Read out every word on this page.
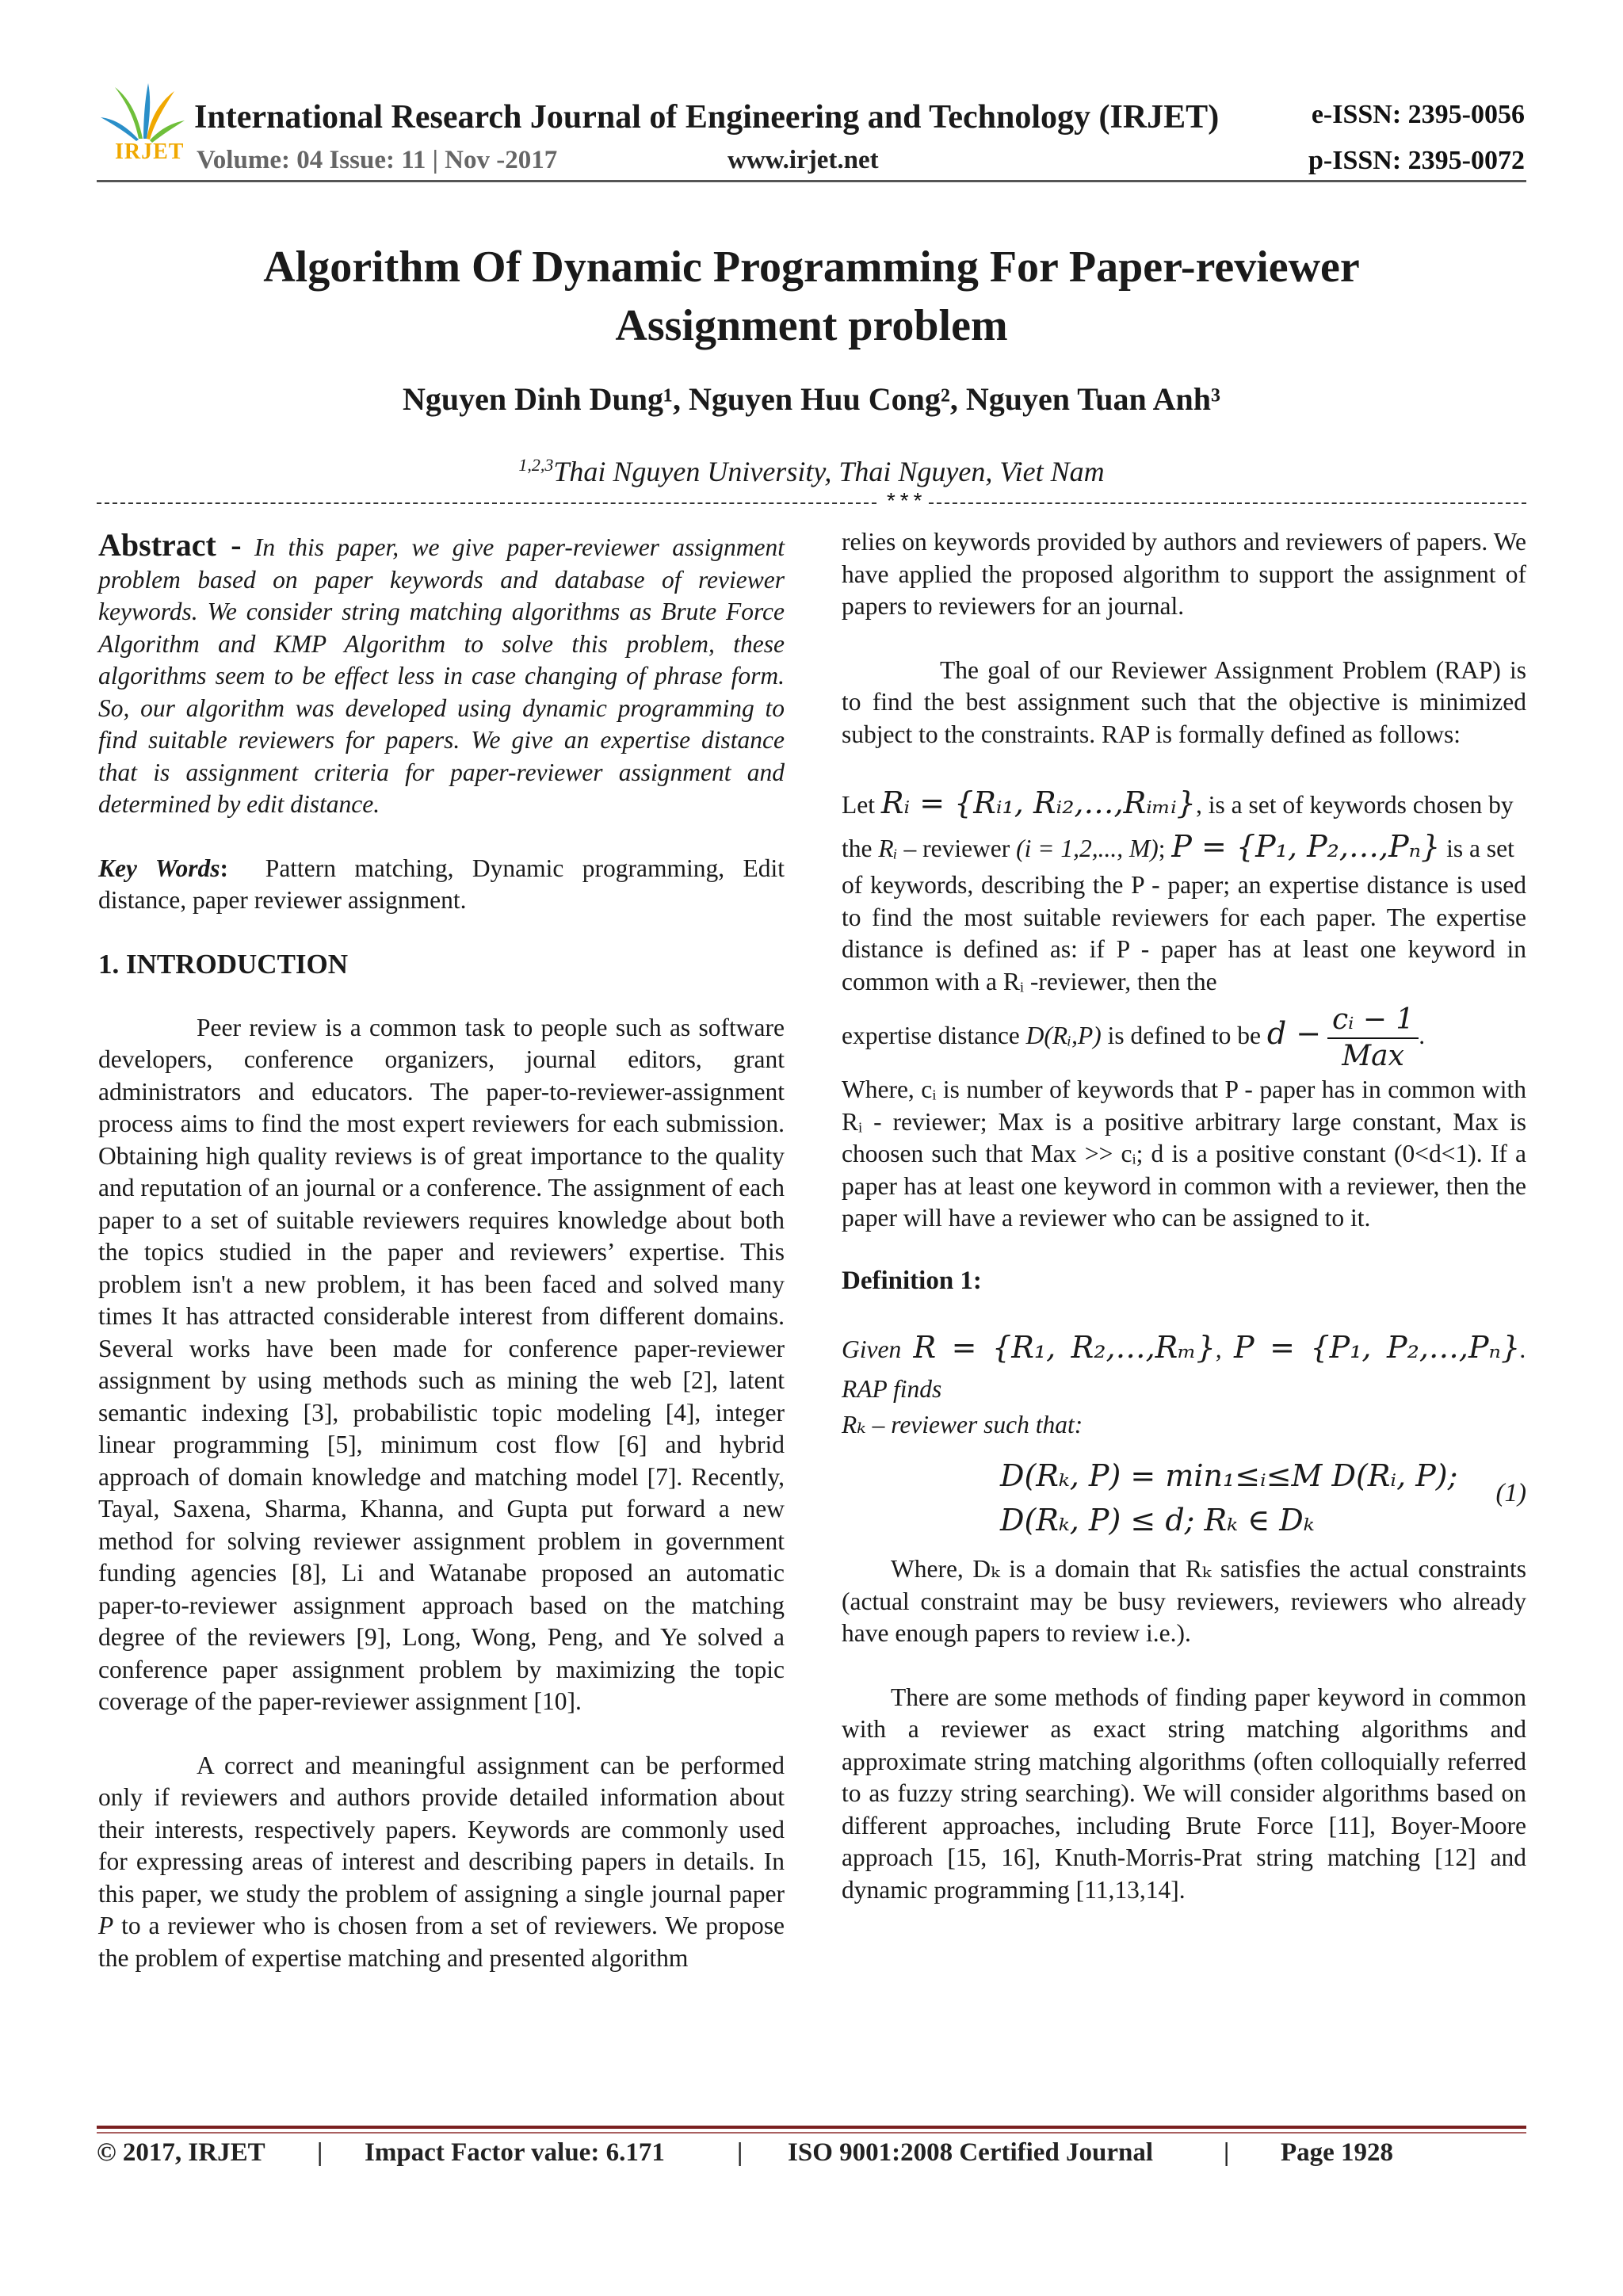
IRJET
International Research Journal of Engineering and Technology (IRJET)	e-ISSN: 2395-0056
Volume: 04 Issue: 11 | Nov -2017	www.irjet.net	p-ISSN: 2395-0072
Algorithm Of Dynamic Programming For Paper-reviewer
Assignment problem
Nguyen Dinh Dung¹, Nguyen Huu Cong², Nguyen Tuan Anh³
$^{1,2,3}$Thai Nguyen University, Thai Nguyen, Viet Nam
***

Abstract - In this paper, we give paper-reviewer assignment problem based on paper keywords and database of reviewer keywords. We consider string matching algorithms as Brute Force Algorithm and KMP Algorithm to solve this problem, these algorithms seem to be effect less in case changing of phrase form. So, our algorithm was developed using dynamic programming to find suitable reviewers for papers. We give an expertise distance that is assignment criteria for paper-reviewer assignment and determined by edit distance.

Key Words: Pattern matching, Dynamic programming, Edit distance, paper reviewer assignment.

1. INTRODUCTION

Peer review is a common task to people such as software developers, conference organizers, journal editors, grant administrators and educators. The paper-to-reviewer-assignment process aims to find the most expert reviewers for each submission. Obtaining high quality reviews is of great importance to the quality and reputation of an journal or a conference. The assignment of each paper to a set of suitable reviewers requires knowledge about both the topics studied in the paper and reviewers’ expertise. This problem isn't a new problem, it has been faced and solved many times It has attracted considerable interest from different domains. Several works have been made for conference paper-reviewer assignment by using methods such as mining the web [2], latent semantic indexing [3], probabilistic topic modeling [4], integer linear programming [5], minimum cost flow [6] and hybrid approach of domain knowledge and matching model [7]. Recently, Tayal, Saxena, Sharma, Khanna, and Gupta put forward a new method for solving reviewer assignment problem in government funding agencies [8], Li and Watanabe proposed an automatic paper-to-reviewer assignment approach based on the matching degree of the reviewers [9], Long, Wong, Peng, and Ye solved a conference paper assignment problem by maximizing the topic coverage of the paper-reviewer assignment [10].

A correct and meaningful assignment can be performed only if reviewers and authors provide detailed information about their interests, respectively papers. Keywords are commonly used for expressing areas of interest and describing papers in details. In this paper, we study the problem of assigning a single journal paper P to a reviewer who is chosen from a set of reviewers. We propose the problem of expertise matching and presented algorithm

relies on keywords provided by authors and reviewers of papers. We have applied the proposed algorithm to support the assignment of papers to reviewers for an journal.

The goal of our Reviewer Assignment Problem (RAP) is to find the best assignment such that the objective is minimized subject to the constraints. RAP is formally defined as follows:

Let Rᵢ = {Rᵢ₁, Rᵢ₂,…,Rᵢₘᵢ}, is a set of keywords chosen by

the Rᵢ – reviewer (i = 1,2,..., M); P = {P₁, P₂,…,Pₙ} is a set

of keywords, describing the P - paper; an expertise distance is used to find the most suitable reviewers for each paper. The expertise distance is defined as: if P - paper has at least one keyword in common with a Rᵢ -reviewer, then the

expertise distance D(Rᵢ,P) is defined to be $d - \frac{\text{cᵢ − 1}}{\text{Max}}$ .

Where, cᵢ is number of keywords that P - paper has in common with Rᵢ - reviewer; Max is a positive arbitrary large constant, Max is choosen such that Max >> cᵢ; d is a positive constant (0<d<1). If a paper has at least one keyword in common with a reviewer, then the paper will have a reviewer who can be assigned to it.

Definition 1:

Given R = {R₁, R₂,…,Rₘ}, P = {P₁, P₂,…,Pₙ}. RAP finds

Rₖ – reviewer such that:

D(Rₖ, P) = min₁≤ᵢ≤M D(Rᵢ, P);
D(Rₖ, P) ≤ d; Rₖ ∈ Dₖ
(1)

Where, Dₖ is a domain that Rₖ satisfies the actual constraints (actual constraint may be busy reviewers, reviewers who already have enough papers to review i.e.).

There are some methods of finding paper keyword in common with a reviewer as exact string matching algorithms and approximate string matching algorithms (often colloquially referred to as fuzzy string searching). We will consider algorithms based on different approaches, including Brute Force [11], Boyer-Moore approach [15, 16], Knuth-Morris-Prat string matching [12] and dynamic programming [11,13,14].

© 2017, IRJET | Impact Factor value: 6.171	| ISO 9001:2008 Certified Journal	| Page 1928
